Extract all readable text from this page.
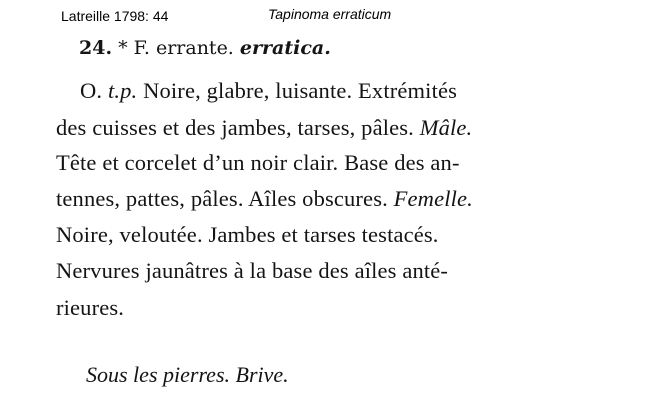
Latreille 1798: 44	Tapinoma erraticum
24. * F. errante. erratica.
O. t.p. Noire, glabre, luisante. Extrémités
des cuisses et des jambes, tarses, pâles. Mâle.
Tête et corcelet d’un noir clair. Base des an-
tennes, pattes, pâles. Aîles obscures. Femelle.
Noire, veloutée. Jambes et tarses testacés.
Nervures jaunâtres à la base des aîles anté-
rieures.
Sous les pierres. Brive.
